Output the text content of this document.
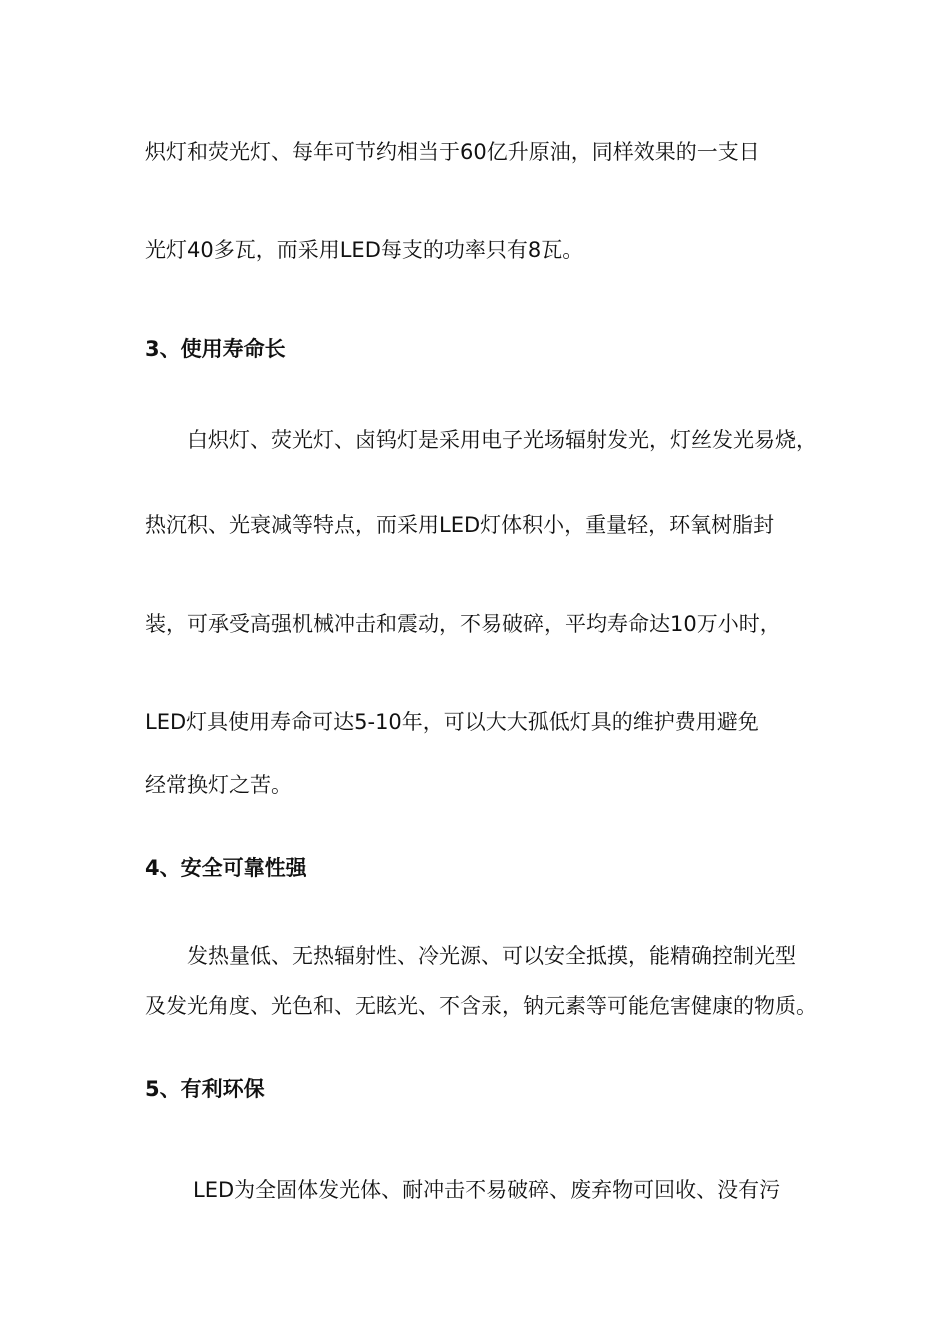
炽灯和荧光灯、每年可节约相当于60亿升原油，同样效果的一支日

光灯40多瓦，而采用LED每支的功率只有8瓦。

3、使用寿命长

白炽灯、荧光灯、卤钨灯是采用电子光场辐射发光，灯丝发光易烧，

热沉积、光衰减等特点，而采用LED灯体积小，重量轻，环氧树脂封

装，可承受高强机械冲击和震动，不易破碎，平均寿命达10万小时，

LED灯具使用寿命可达5-10年，可以大大孤低灯具的维护费用避免

经常换灯之苦。

4、安全可靠性强

发热量低、无热辐射性、冷光源、可以安全抵摸，能精确控制光型

及发光角度、光色和、无眩光、不含汞，钠元素等可能危害健康的物质。

5、有利环保

LED为全固体发光体、耐冲击不易破碎、废弃物可回收、没有污
